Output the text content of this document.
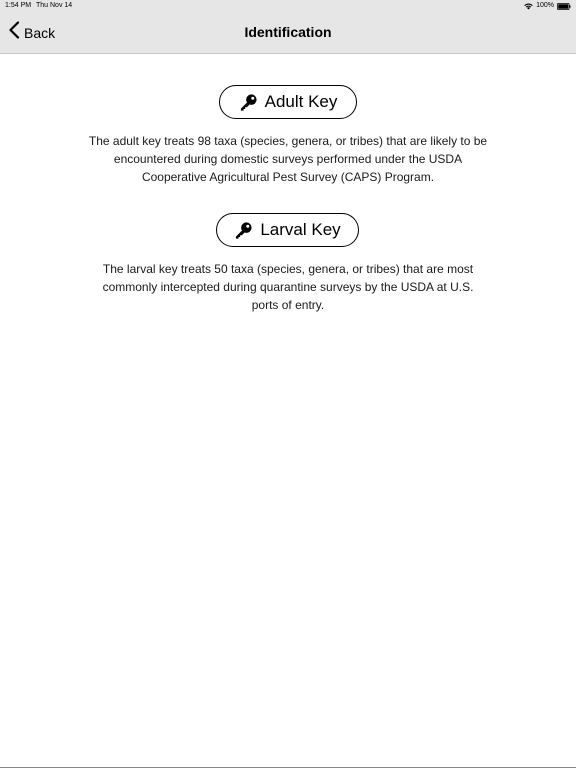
1:54 PM Thu Nov 14	100%
Back	Identification
Adult Key
The adult key treats 98 taxa (species, genera, or tribes) that are likely to be encountered during domestic surveys performed under the USDA Cooperative Agricultural Pest Survey (CAPS) Program.
Larval Key
The larval key treats 50 taxa (species, genera, or tribes) that are most commonly intercepted during quarantine surveys by the USDA at U.S. ports of entry.
